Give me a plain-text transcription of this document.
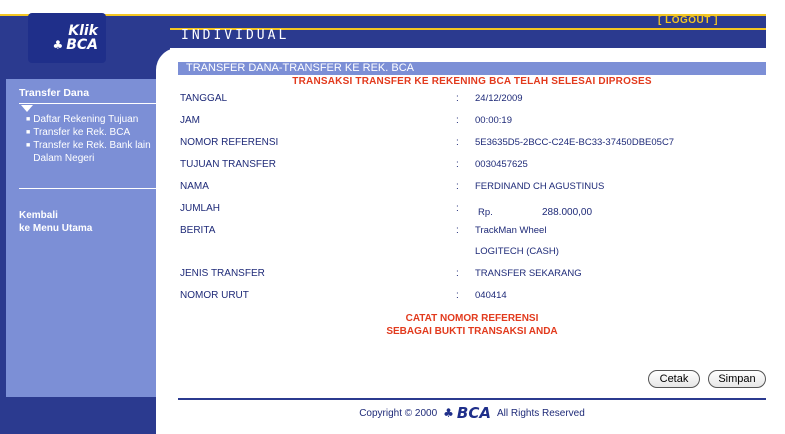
Klik
♣ BCA
INDIVIDUAL
[ LOGOUT ]
Transfer Dana
■ Daftar Rekening Tujuan
■ Transfer ke Rek. BCA
■ Transfer ke Rek. Bank lain Dalam Negeri
Kembali
ke Menu Utama
TRANSFER DANA-TRANSFER KE REK. BCA
TRANSAKSI TRANSFER KE REKENING BCA TELAH SELESAI DIPROSES
TANGGAL	: 24/12/2009
JAM	: 00:00:19
NOMOR REFERENSI	: 5E3635D5-2BCC-C24E-BC33-37450DBE05C7
TUJUAN TRANSFER	: 0030457625
NAMA	: FERDINAND CH AGUSTINUS
JUMLAH	: Rp.	288.000,00
BERITA	: TrackMan Wheel
LOGITECH (CASH)
JENIS TRANSFER	: TRANSFER SEKARANG
NOMOR URUT	: 040414
CATAT NOMOR REFERENSI
SEBAGAI BUKTI TRANSAKSI ANDA
Cetak	Simpan
Copyright © 2000 ♣ BCA All Rights Reserved
